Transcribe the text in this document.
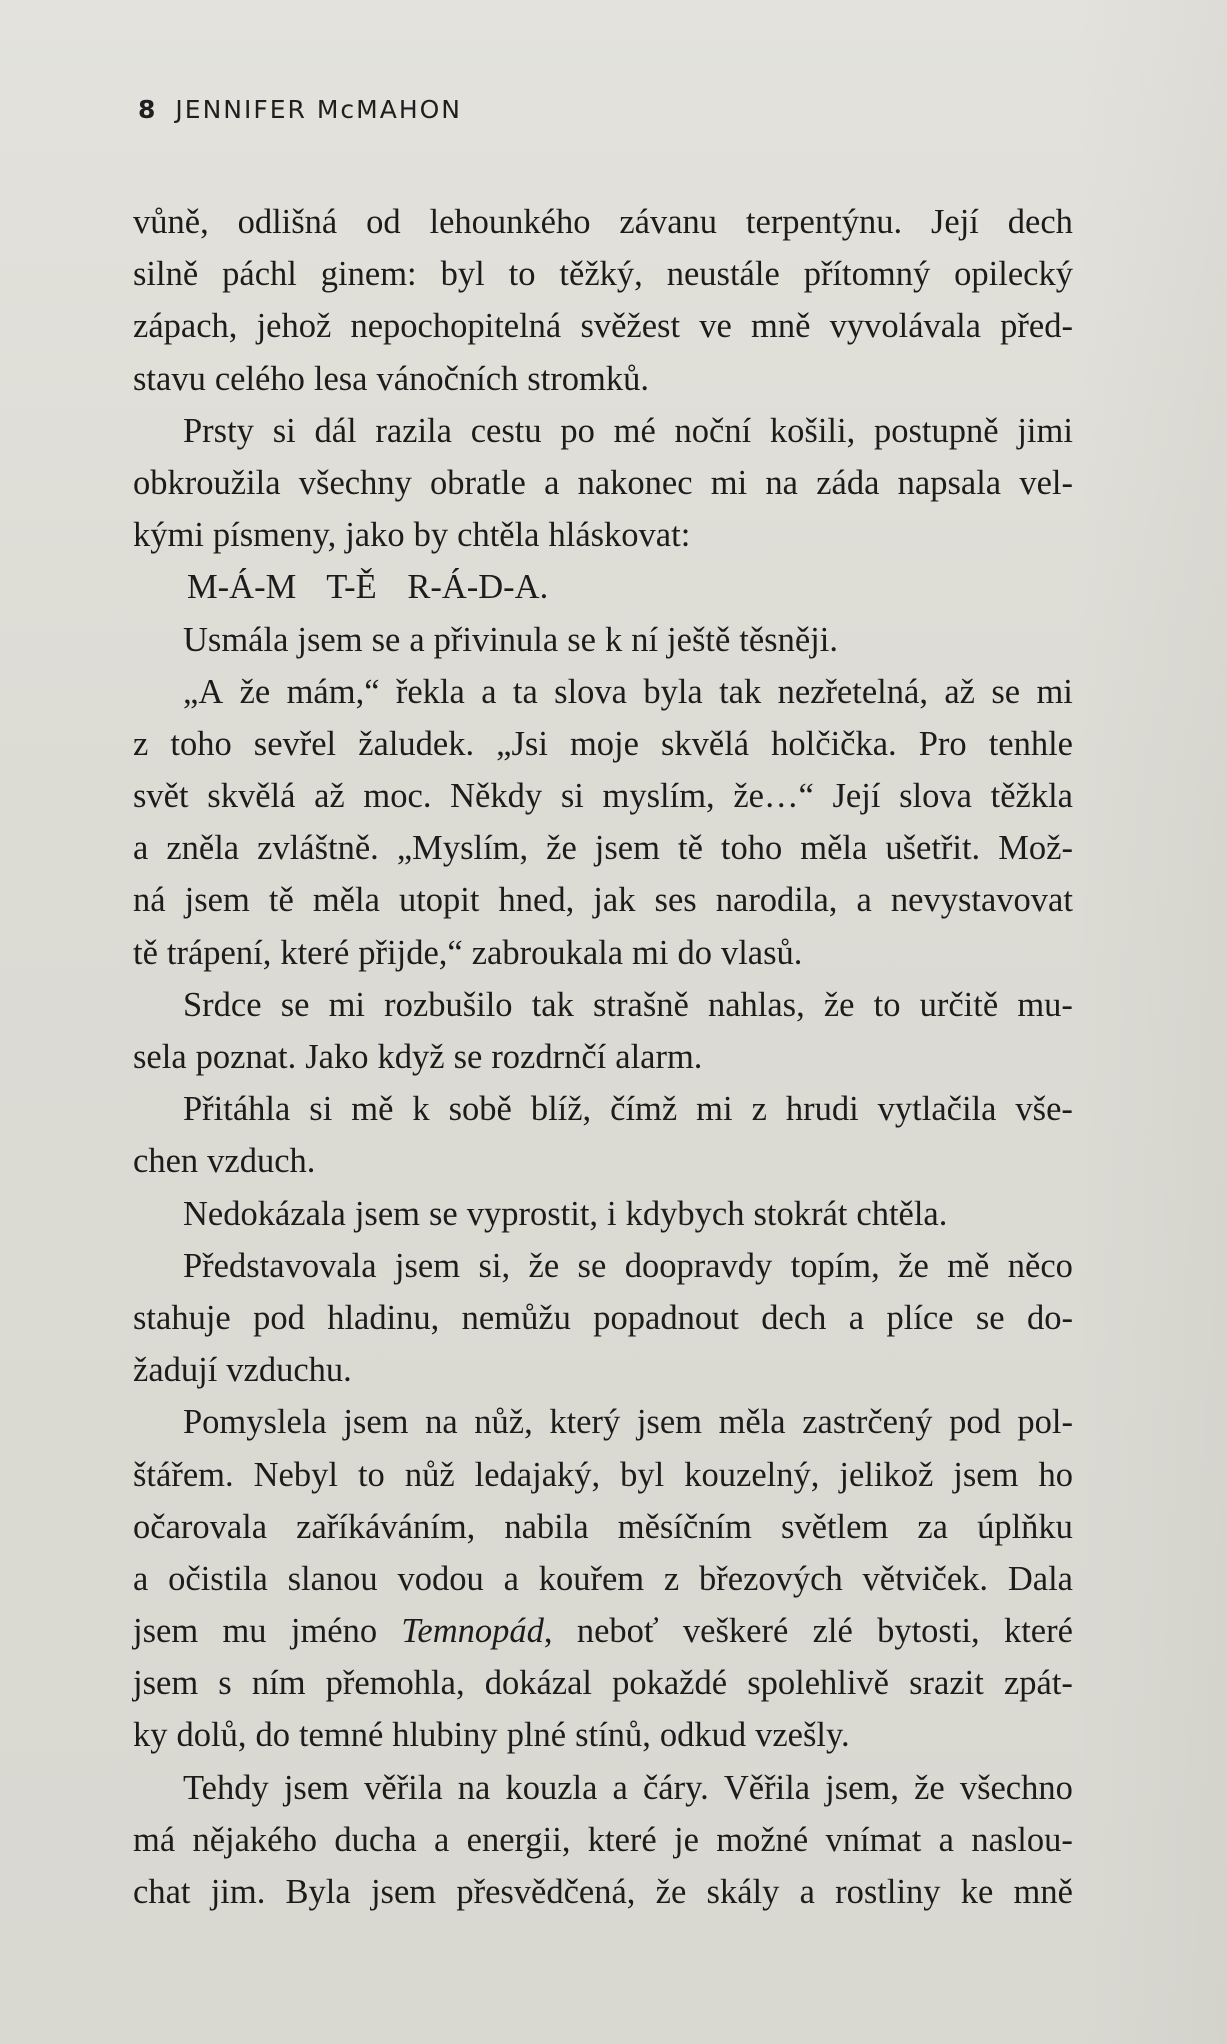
8 JENNIFER McMAHON
vůně, odlišná od lehounkého závanu terpentýnu. Její dech
silně páchl ginem: byl to těžký, neustále přítomný opilecký
zápach, jehož nepochopitelná svěžest ve mně vyvolávala před-
stavu celého lesa vánočních stromků.
Prsty si dál razila cestu po mé noční košili, postupně jimi
obkroužila všechny obratle a nakonec mi na záda napsala vel-
kými písmeny, jako by chtěla hláskovat:
M-Á-M T-Ě R-Á-D-A.
Usmála jsem se a přivinula se k ní ještě těsněji.
„A že mám,“ řekla a ta slova byla tak nezřetelná, až se mi
z toho sevřel žaludek. „Jsi moje skvělá holčička. Pro tenhle
svět skvělá až moc. Někdy si myslím, že…“ Její slova těžkla
a zněla zvláštně. „Myslím, že jsem tě toho měla ušetřit. Mož-
ná jsem tě měla utopit hned, jak ses narodila, a nevystavovat
tě trápení, které přijde,“ zabroukala mi do vlasů.
Srdce se mi rozbušilo tak strašně nahlas, že to určitě mu-
sela poznat. Jako když se rozdrnčí alarm.
Přitáhla si mě k sobě blíž, čímž mi z hrudi vytlačila vše-
chen vzduch.
Nedokázala jsem se vyprostit, i kdybych stokrát chtěla.
Představovala jsem si, že se doopravdy topím, že mě něco
stahuje pod hladinu, nemůžu popadnout dech a plíce se do-
žadují vzduchu.
Pomyslela jsem na nůž, který jsem měla zastrčený pod pol-
štářem. Nebyl to nůž ledajaký, byl kouzelný, jelikož jsem ho
očarovala zaříkáváním, nabila měsíčním světlem za úplňku
a očistila slanou vodou a kouřem z březových větviček. Dala
jsem mu jméno Temnopád, neboť veškeré zlé bytosti, které
jsem s ním přemohla, dokázal pokaždé spolehlivě srazit zpát-
ky dolů, do temné hlubiny plné stínů, odkud vzešly.
Tehdy jsem věřila na kouzla a čáry. Věřila jsem, že všechno
má nějakého ducha a energii, které je možné vnímat a naslou-
chat jim. Byla jsem přesvědčená, že skály a rostliny ke mně
